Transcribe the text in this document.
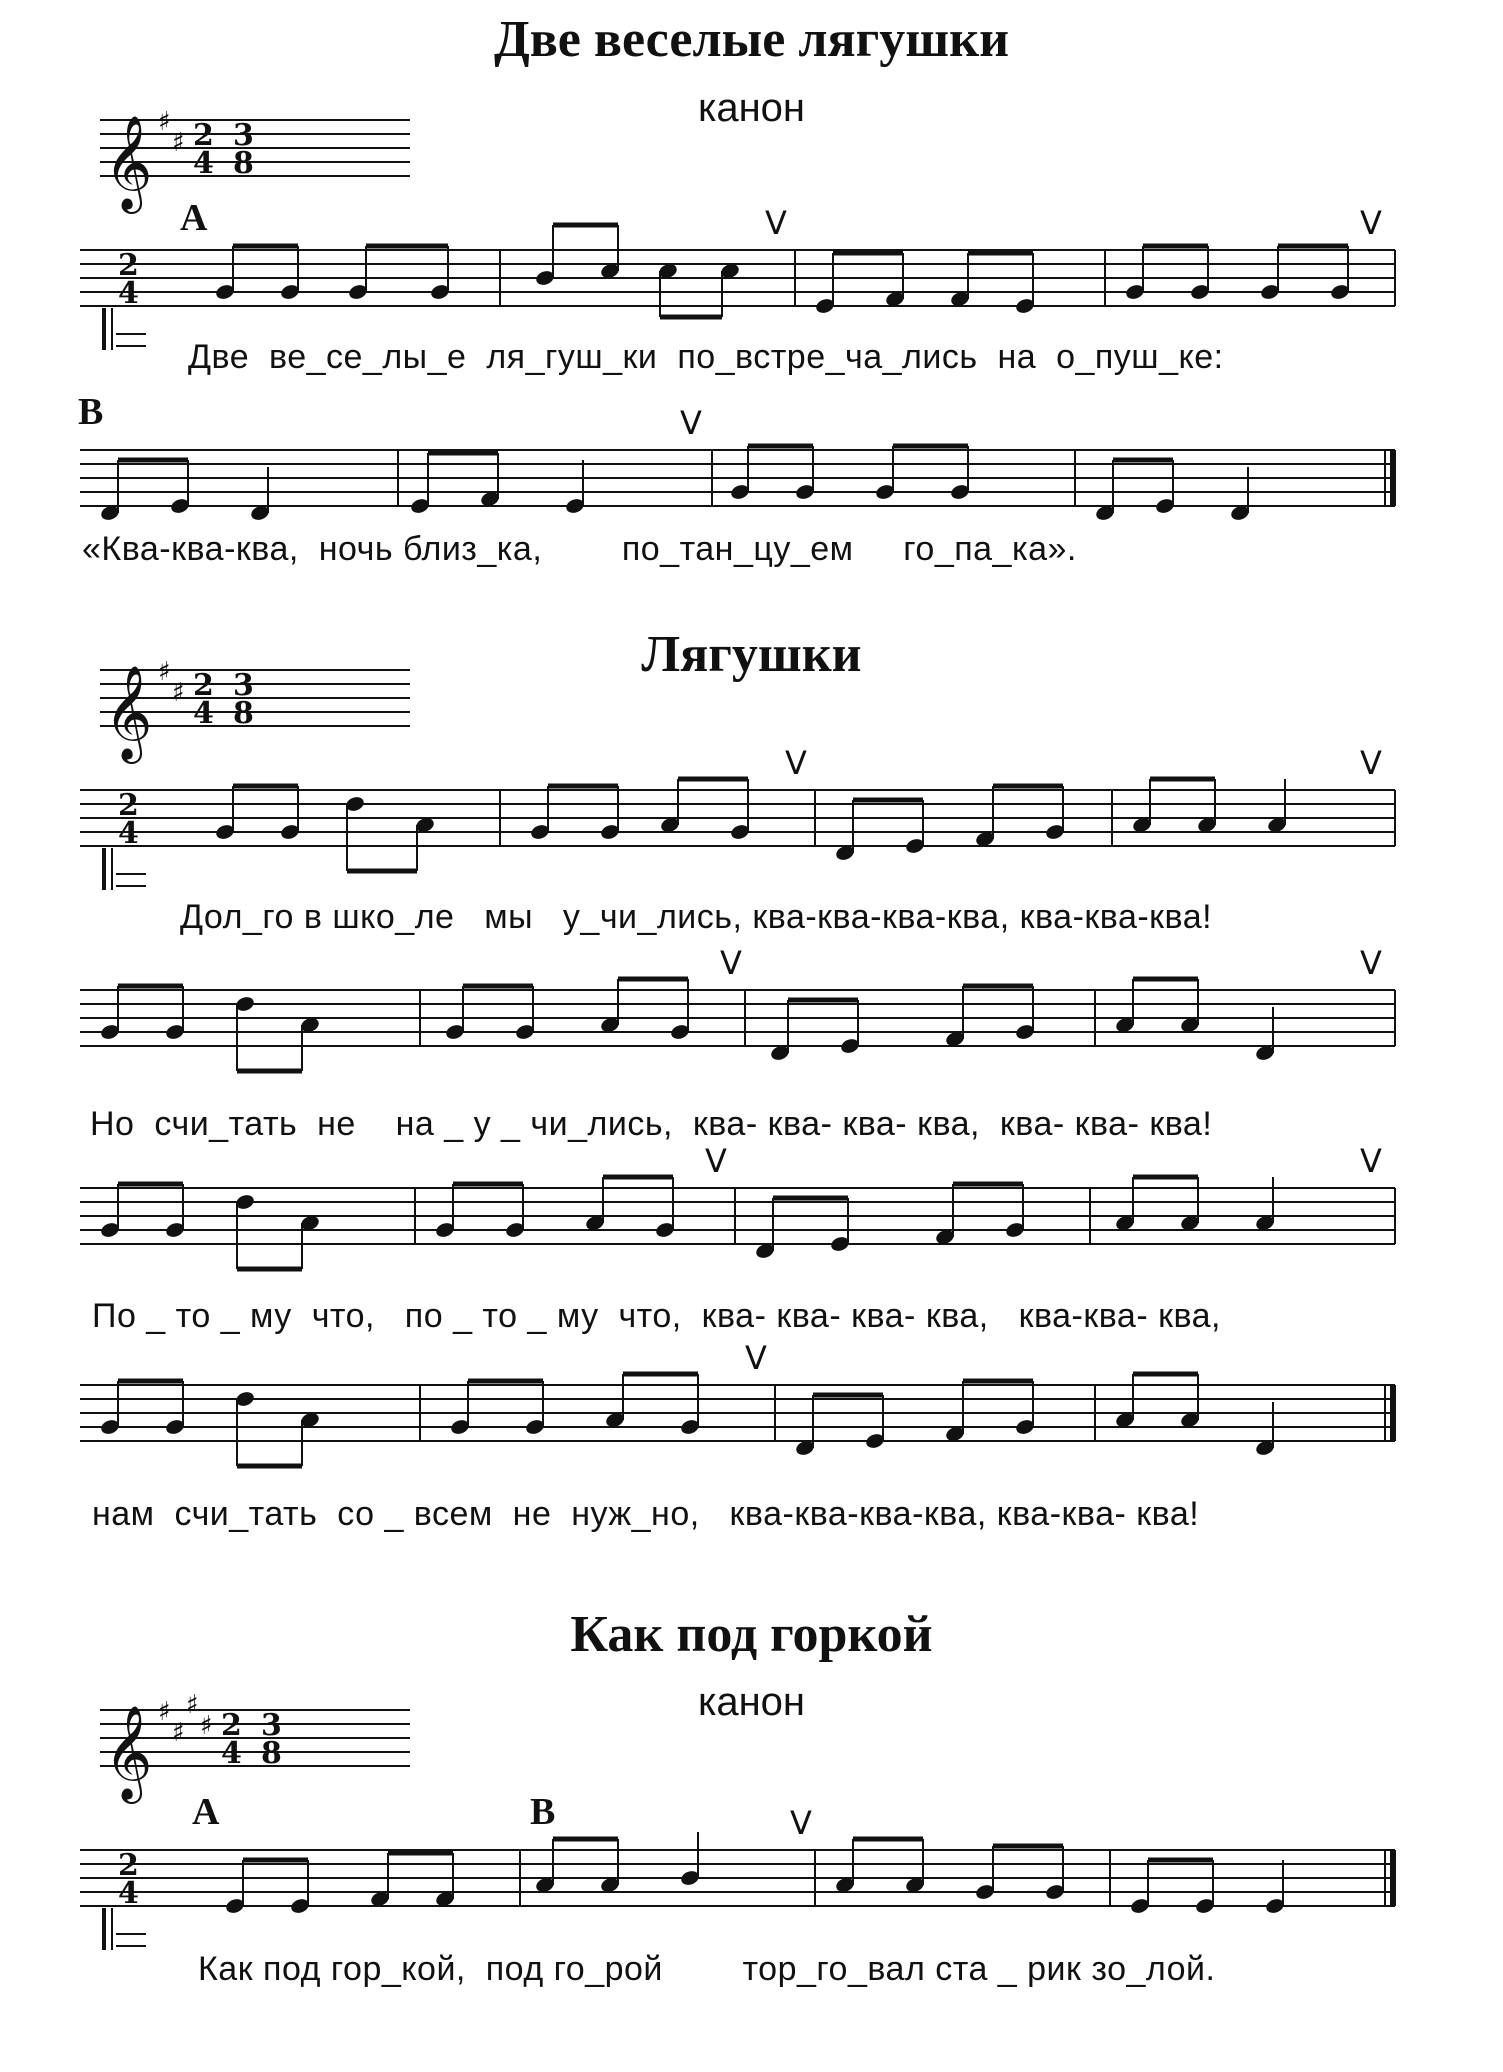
Две веселые лягушки
канон
𝄞 ♯
♯ 2
4
3
8
A
2
4
V	V
Две  ве_се_лы_е  ля_гуш_ки  по_встре_ча_лись  на  о_пуш_ке:
B	V
«Ква-ква-ква,  ночь близ_ка,        по_тан_цу_ем     го_па_ка».
Лягушки
𝄞 ♯
♯ 2
4
3
8
2
4
V	V
Дол_го в шко_ле   мы   у_чи_лись, ква-ква-ква-ква, ква-ква-ква!
V	V
Но  счи_тать  не    на _ у _ чи_лись,  ква- ква- ква- ква,  ква- ква- ква!
V	V
По _ то _ му  что,   по _ то _ му  что,  ква- ква- ква- ква,   ква-ква- ква,
V
нам  счи_тать  со _ всем  не  нуж_но,   ква-ква-ква-ква, ква-ква- ква!
Как под горкой
канон
𝄞 ♯
♯
♯
♯ 2
4
3
8
A	B
2
4
V
Как под гор_кой,  под го_рой        тор_го_вал ста _ рик зо_лой.
